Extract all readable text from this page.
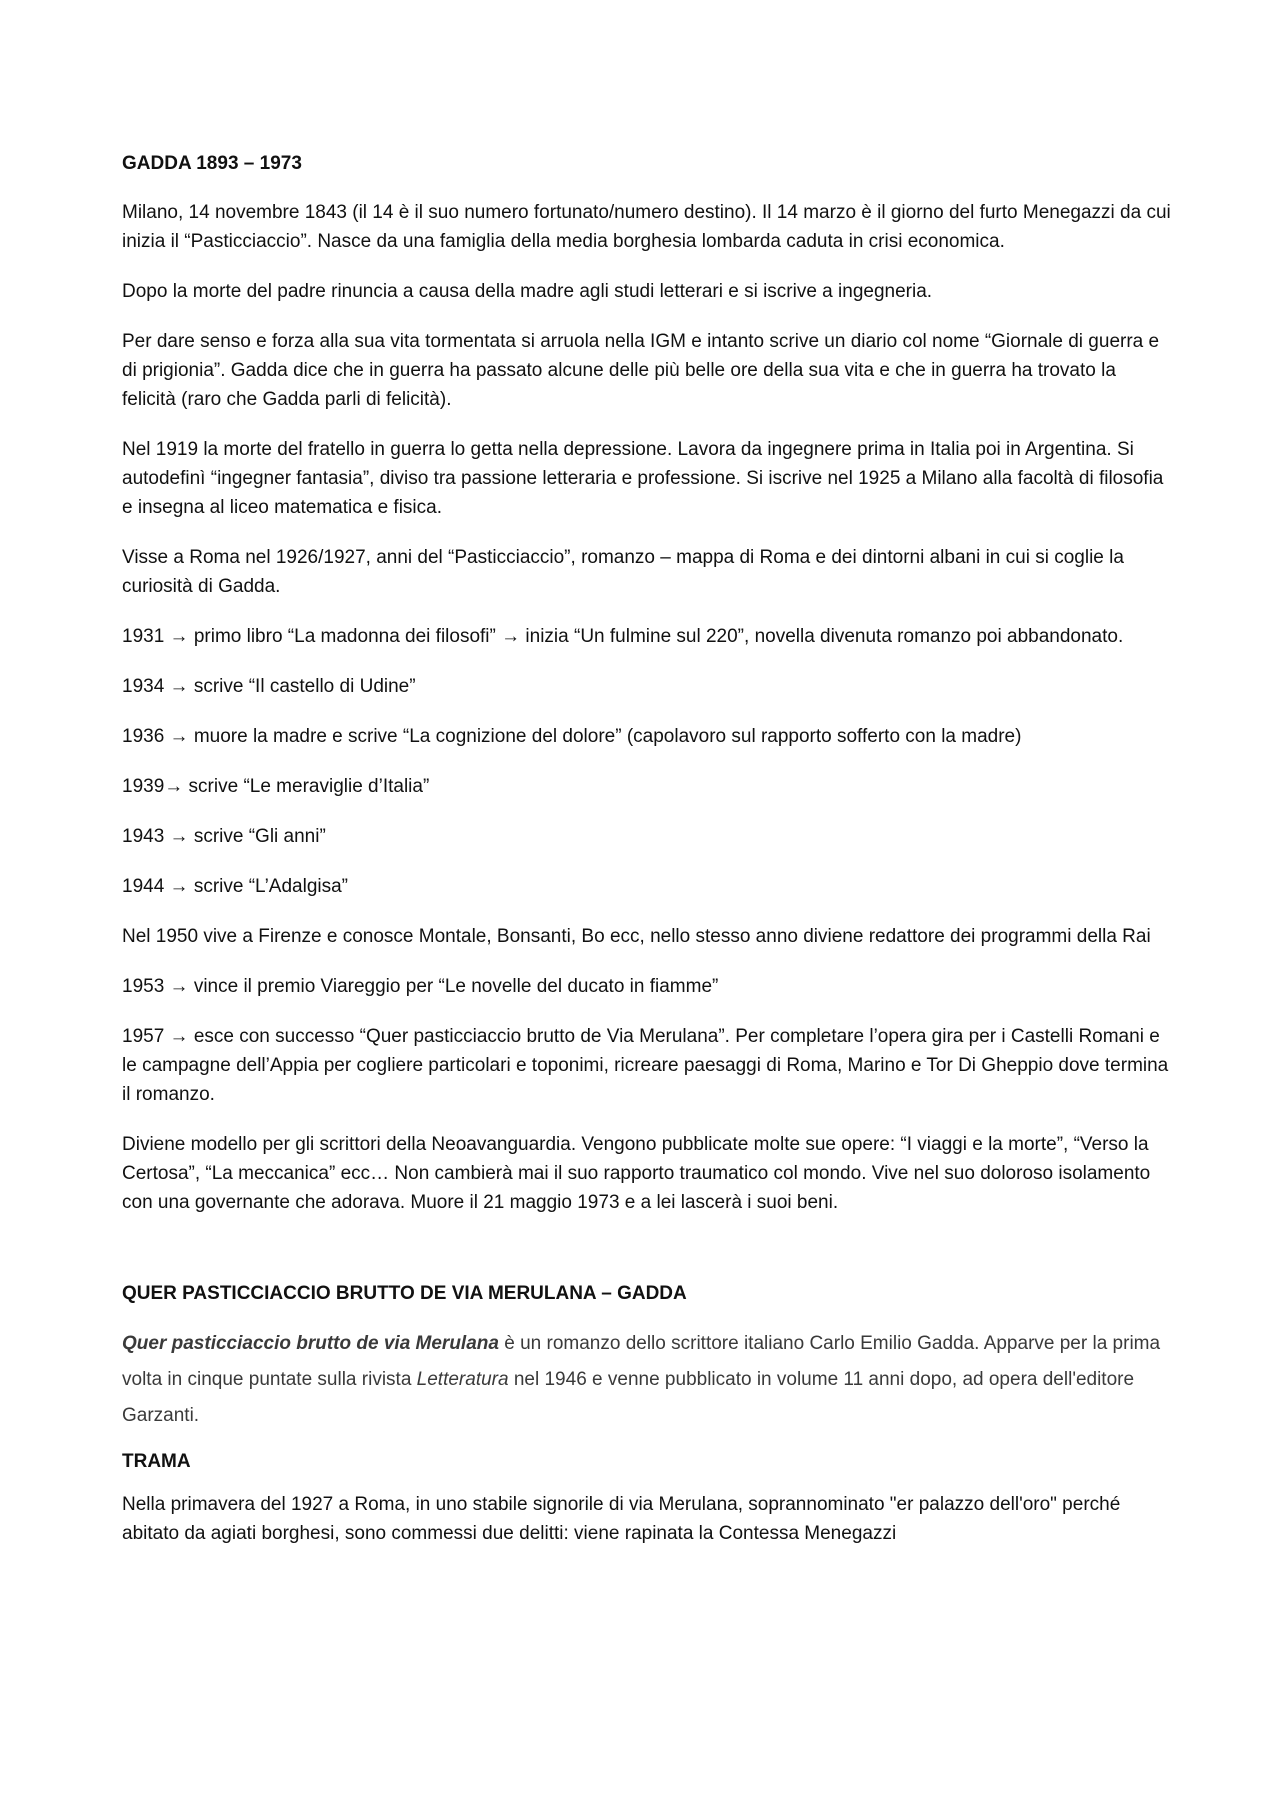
GADDA 1893 – 1973

Milano, 14 novembre 1843 (il 14 è il suo numero fortunato/numero destino). Il 14 marzo è il giorno del furto Menegazzi da cui inizia il “Pasticciaccio”. Nasce da una famiglia della media borghesia lombarda caduta in crisi economica.

Dopo la morte del padre rinuncia a causa della madre agli studi letterari e si iscrive a ingegneria.

Per dare senso e forza alla sua vita tormentata si arruola nella IGM e intanto scrive un diario col nome “Giornale di guerra e di prigionia”. Gadda dice che in guerra ha passato alcune delle più belle ore della sua vita e che in guerra ha trovato la felicità (raro che Gadda parli di felicità).

Nel 1919 la morte del fratello in guerra lo getta nella depressione. Lavora da ingegnere prima in Italia poi in Argentina. Si autodefinì “ingegner fantasia”, diviso tra passione letteraria e professione. Si iscrive nel 1925 a Milano alla facoltà di filosofia e insegna al liceo matematica e fisica.

Visse a Roma nel 1926/1927, anni del “Pasticciaccio”, romanzo – mappa di Roma e dei dintorni albani in cui si coglie la curiosità di Gadda.

1931 → primo libro “La madonna dei filosofi” → inizia “Un fulmine sul 220”, novella divenuta romanzo poi abbandonato.

1934 → scrive “Il castello di Udine”

1936 → muore la madre e scrive “La cognizione del dolore” (capolavoro sul rapporto sofferto con la madre)

1939→ scrive “Le meraviglie d’Italia”

1943 → scrive “Gli anni”

1944 → scrive “L’Adalgisa”

Nel 1950 vive a Firenze e conosce Montale, Bonsanti, Bo ecc, nello stesso anno diviene redattore dei programmi della Rai

1953 → vince il premio Viareggio per “Le novelle del ducato in fiamme”

1957 → esce con successo “Quer pasticciaccio brutto de Via Merulana”. Per completare l’opera gira per i Castelli Romani e le campagne dell’Appia per cogliere particolari e toponimi, ricreare paesaggi di Roma, Marino e Tor Di Gheppio dove termina il romanzo.

Diviene modello per gli scrittori della Neoavanguardia. Vengono pubblicate molte sue opere: “I viaggi e la morte”, “Verso la Certosa”, “La meccanica” ecc… Non cambierà mai il suo rapporto traumatico col mondo. Vive nel suo doloroso isolamento con una governante che adorava. Muore il 21 maggio 1973 e a lei lascerà i suoi beni.

QUER PASTICCIACCIO BRUTTO DE VIA MERULANA – GADDA

Quer pasticciaccio brutto de via Merulana è un romanzo dello scrittore italiano Carlo Emilio Gadda. Apparve per la prima volta in cinque puntate sulla rivista Letteratura nel 1946 e venne pubblicato in volume 11 anni dopo, ad opera dell'editore Garzanti.

TRAMA

Nella primavera del 1927 a Roma, in uno stabile signorile di via Merulana, soprannominato "er palazzo dell'oro" perché abitato da agiati borghesi, sono commessi due delitti: viene rapinata la Contessa Menegazzi
